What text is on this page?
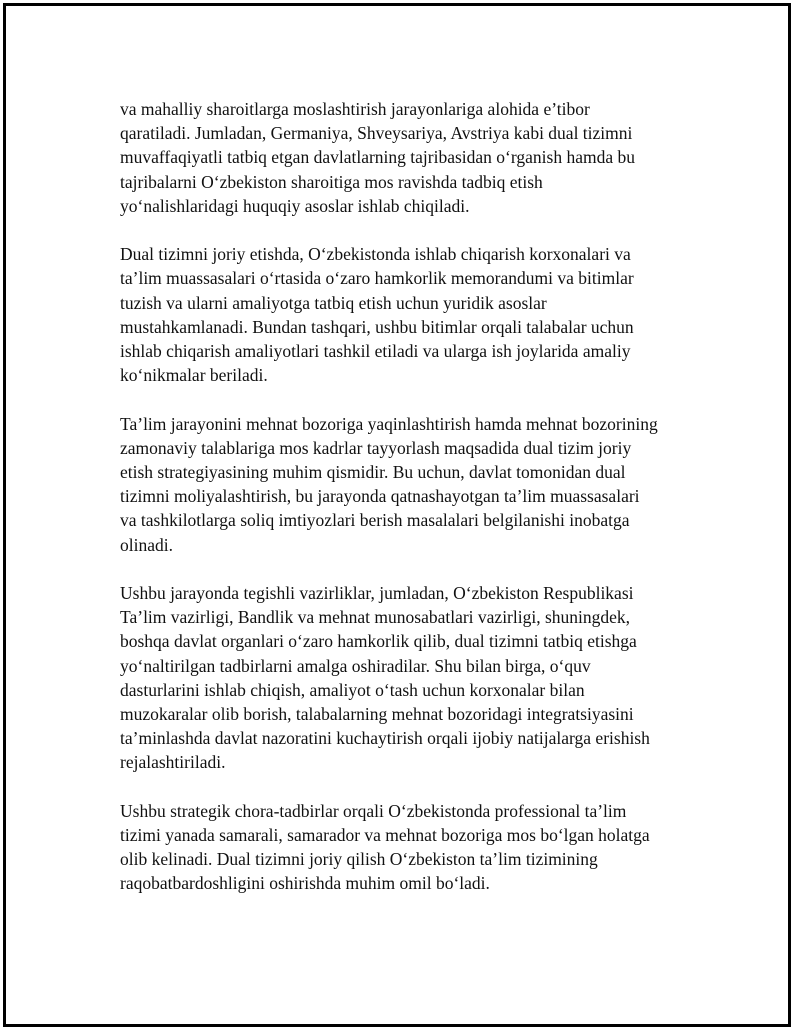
va mahalliy sharoitlarga moslashtirish jarayonlariga alohida e’tibor
qaratiladi. Jumladan, Germaniya, Shveysariya, Avstriya kabi dual tizimni
muvaffaqiyatli tatbiq etgan davlatlarning tajribasidan o‘rganish hamda bu
tajribalarni O‘zbekiston sharoitiga mos ravishda tadbiq etish
yo‘nalishlaridagi huquqiy asoslar ishlab chiqiladi.

Dual tizimni joriy etishda, O‘zbekistonda ishlab chiqarish korxonalari va
ta’lim muassasalari o‘rtasida o‘zaro hamkorlik memorandumi va bitimlar
tuzish va ularni amaliyotga tatbiq etish uchun yuridik asoslar
mustahkamlanadi. Bundan tashqari, ushbu bitimlar orqali talabalar uchun
ishlab chiqarish amaliyotlari tashkil etiladi va ularga ish joylarida amaliy
ko‘nikmalar beriladi.

Ta’lim jarayonini mehnat bozoriga yaqinlashtirish hamda mehnat bozorining
zamonaviy talablariga mos kadrlar tayyorlash maqsadida dual tizim joriy
etish strategiyasining muhim qismidir. Bu uchun, davlat tomonidan dual
tizimni moliyalashtirish, bu jarayonda qatnashayotgan ta’lim muassasalari
va tashkilotlarga soliq imtiyozlari berish masalalari belgilanishi inobatga
olinadi.

Ushbu jarayonda tegishli vazirliklar, jumladan, O‘zbekiston Respublikasi
Ta’lim vazirligi, Bandlik va mehnat munosabatlari vazirligi, shuningdek,
boshqa davlat organlari o‘zaro hamkorlik qilib, dual tizimni tatbiq etishga
yo‘naltirilgan tadbirlarni amalga oshiradilar. Shu bilan birga, o‘quv
dasturlarini ishlab chiqish, amaliyot o‘tash uchun korxonalar bilan
muzokaralar olib borish, talabalarning mehnat bozoridagi integratsiyasini
ta’minlashda davlat nazoratini kuchaytirish orqali ijobiy natijalarga erishish
rejalashtiriladi.

Ushbu strategik chora-tadbirlar orqali O‘zbekistonda professional ta’lim
tizimi yanada samarali, samarador va mehnat bozoriga mos bo‘lgan holatga
olib kelinadi. Dual tizimni joriy qilish O‘zbekiston ta’lim tizimining
raqobatbardoshligini oshirishda muhim omil bo‘ladi.
